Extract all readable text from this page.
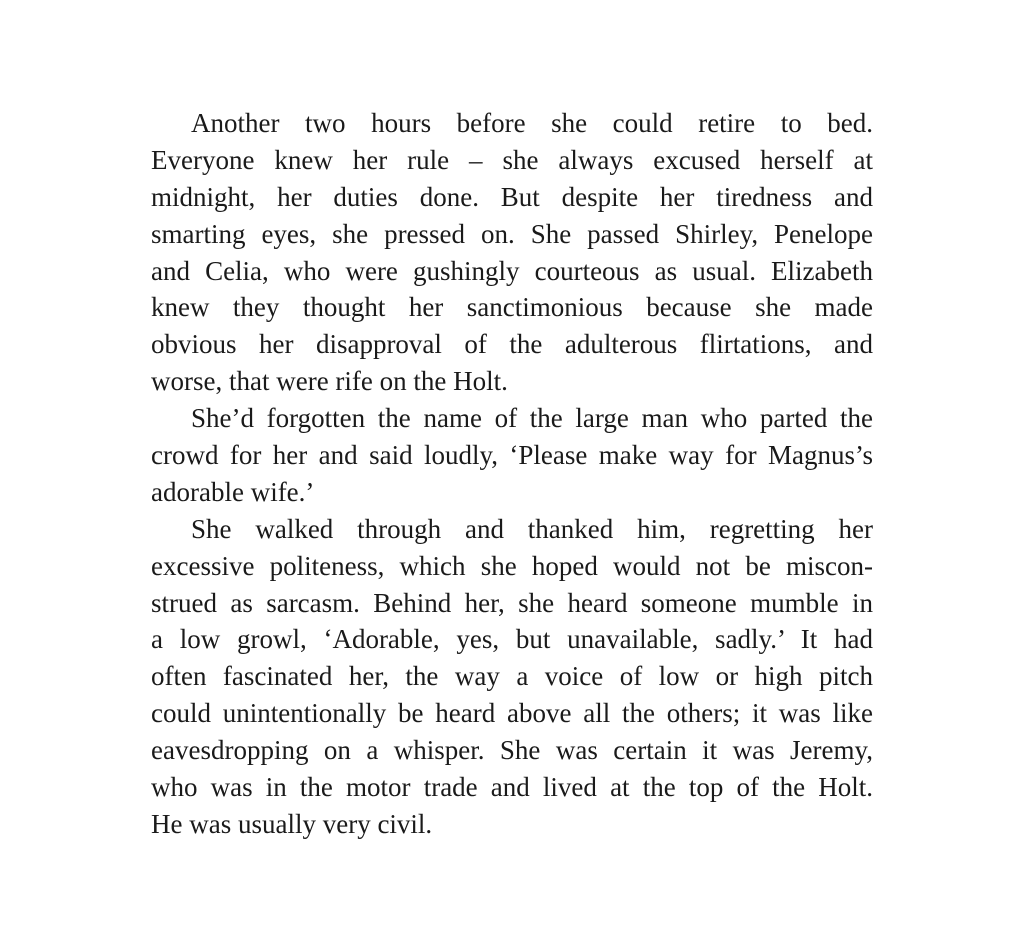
Another two hours before she could retire to bed.
Everyone knew her rule – she always excused herself at
midnight, her duties done. But despite her tiredness and
smarting eyes, she pressed on. She passed Shirley, Penelope
and Celia, who were gushingly courteous as usual. Elizabeth
knew they thought her sanctimonious because she made
obvious her disapproval of the adulterous flirtations, and
worse, that were rife on the Holt.
She’d forgotten the name of the large man who parted the
crowd for her and said loudly, ‘Please make way for Magnus’s
adorable wife.’
She walked through and thanked him, regretting her
excessive politeness, which she hoped would not be miscon-
strued as sarcasm. Behind her, she heard someone mumble in
a low growl, ‘Adorable, yes, but unavailable, sadly.’ It had
often fascinated her, the way a voice of low or high pitch
could unintentionally be heard above all the others; it was like
eavesdropping on a whisper. She was certain it was Jeremy,
who was in the motor trade and lived at the top of the Holt.
He was usually very civil.
